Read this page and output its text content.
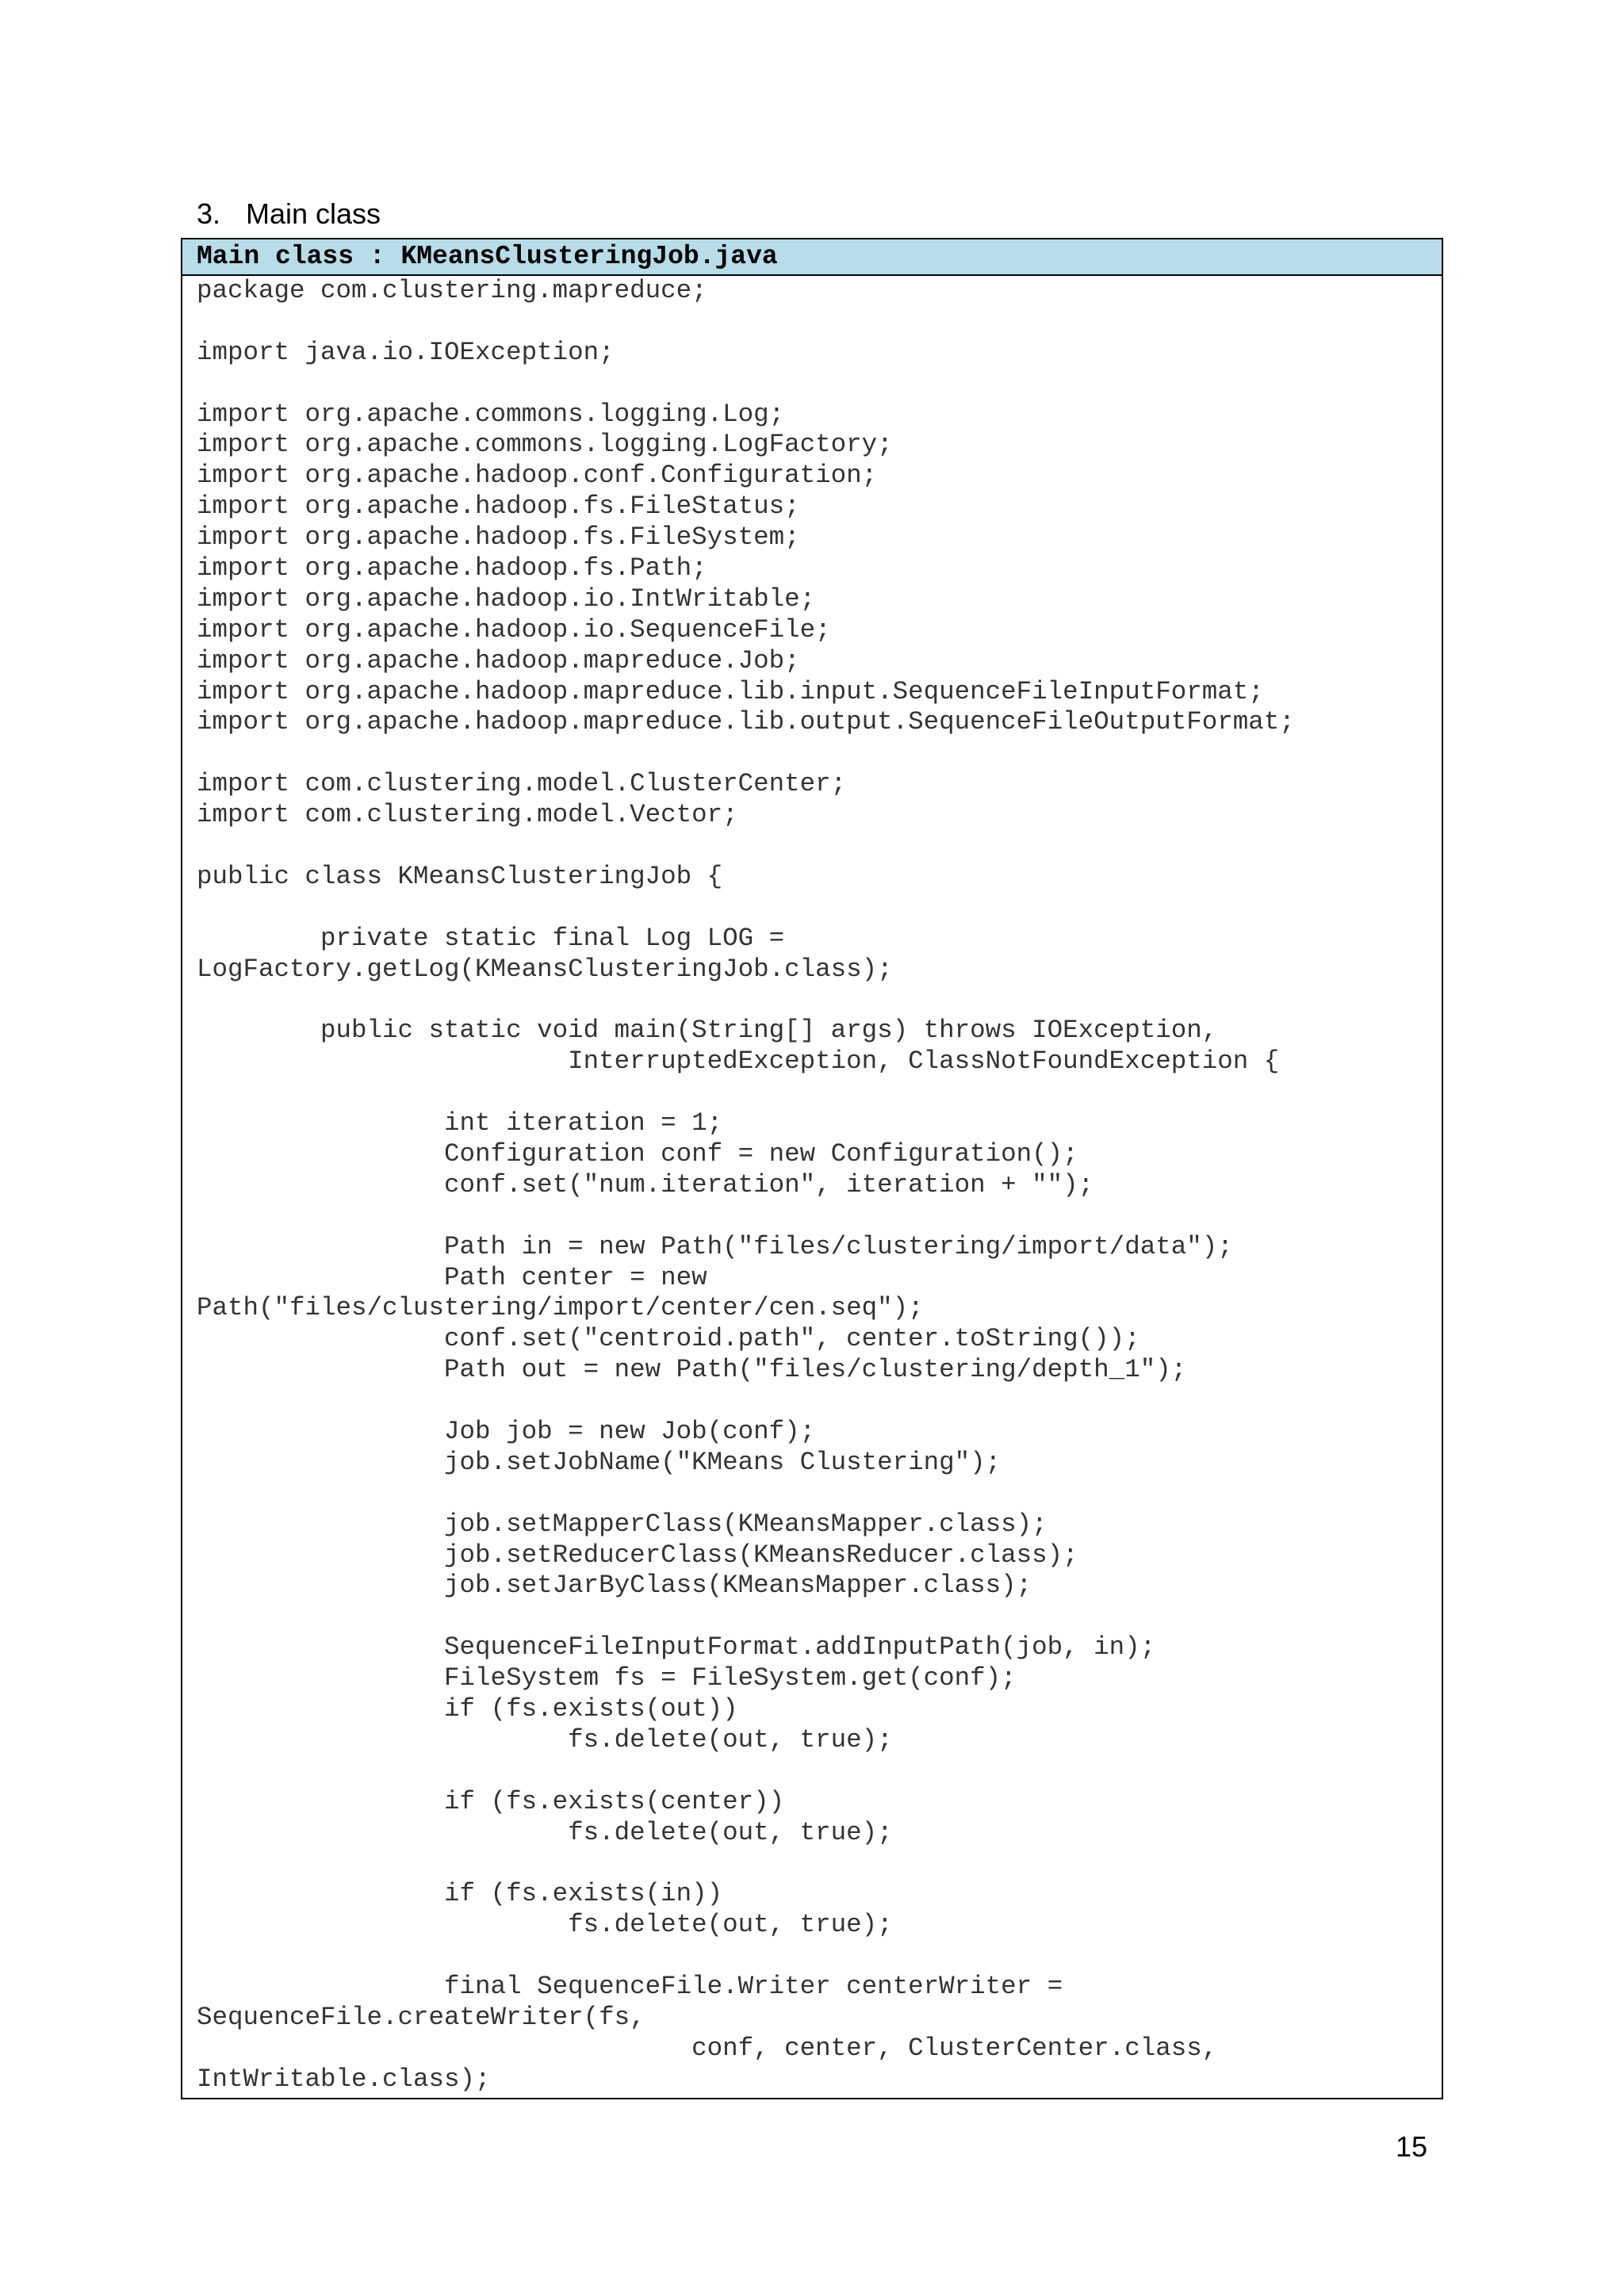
3. Main class
Main class : KMeansClusteringJob.java
package com.clustering.mapreduce;
import java.io.IOException;
import org.apache.commons.logging.Log;
import org.apache.commons.logging.LogFactory;
import org.apache.hadoop.conf.Configuration;
import org.apache.hadoop.fs.FileStatus;
import org.apache.hadoop.fs.FileSystem;
import org.apache.hadoop.fs.Path;
import org.apache.hadoop.io.IntWritable;
import org.apache.hadoop.io.SequenceFile;
import org.apache.hadoop.mapreduce.Job;
import org.apache.hadoop.mapreduce.lib.input.SequenceFileInputFormat;
import org.apache.hadoop.mapreduce.lib.output.SequenceFileOutputFormat;
import com.clustering.model.ClusterCenter;
import com.clustering.model.Vector;
public class KMeansClusteringJob {
private static final Log LOG =
LogFactory.getLog(KMeansClusteringJob.class);
public static void main(String[] args) throws IOException,
InterruptedException, ClassNotFoundException {
int iteration = 1;
Configuration conf = new Configuration();
conf.set("num.iteration", iteration + "");
Path in = new Path("files/clustering/import/data");
Path center = new
Path("files/clustering/import/center/cen.seq");
conf.set("centroid.path", center.toString());
Path out = new Path("files/clustering/depth_1");
Job job = new Job(conf);
job.setJobName("KMeans Clustering");
job.setMapperClass(KMeansMapper.class);
job.setReducerClass(KMeansReducer.class);
job.setJarByClass(KMeansMapper.class);
SequenceFileInputFormat.addInputPath(job, in);
FileSystem fs = FileSystem.get(conf);
if (fs.exists(out))
fs.delete(out, true);
if (fs.exists(center))
fs.delete(out, true);
if (fs.exists(in))
fs.delete(out, true);
final SequenceFile.Writer centerWriter =
SequenceFile.createWriter(fs,
conf, center, ClusterCenter.class,
IntWritable.class);
15
